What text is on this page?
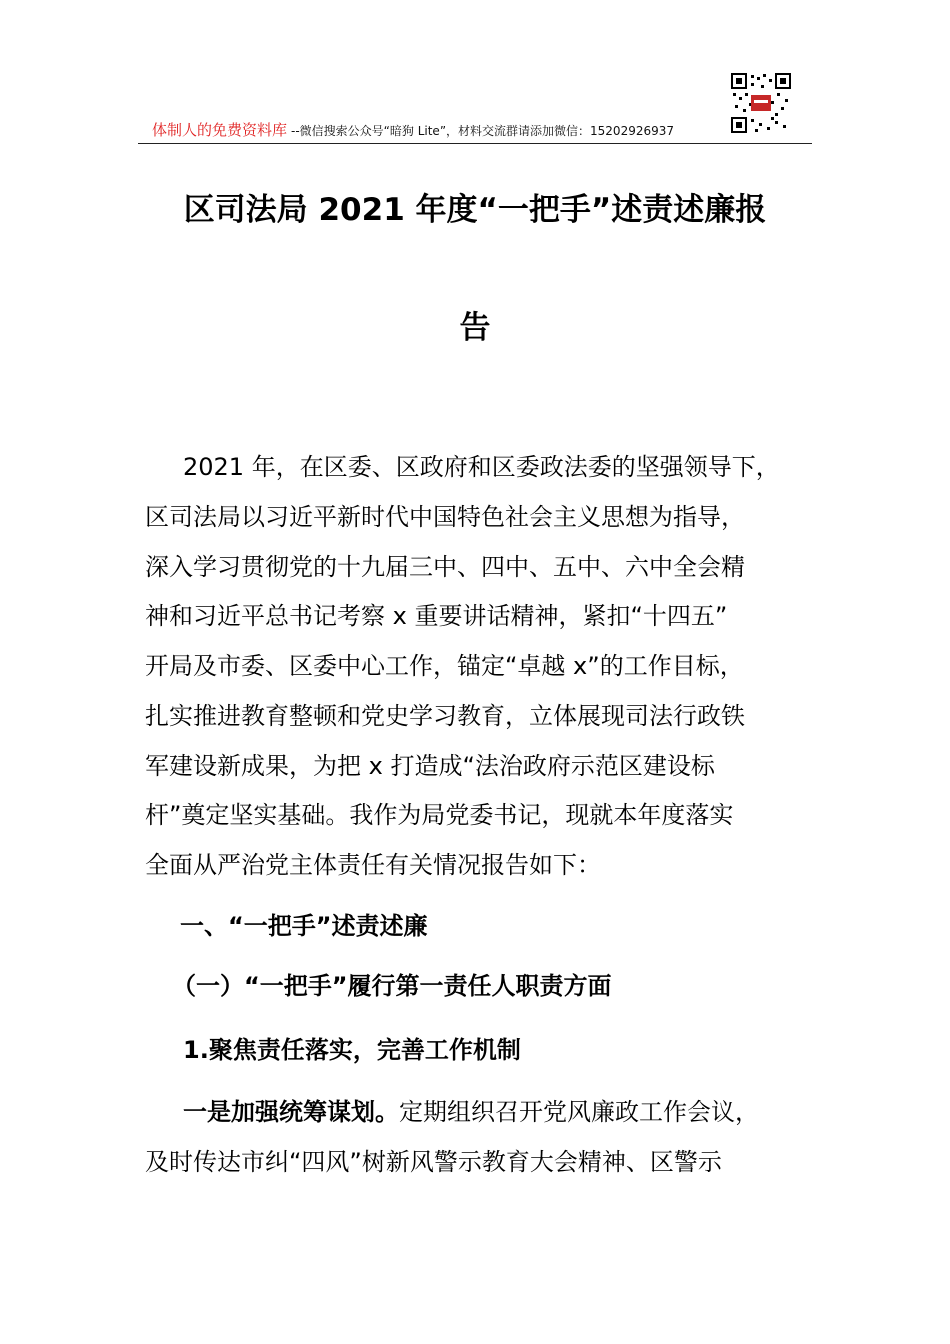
体制人的免费资料库 --微信搜索公众号“暗狗 Lite”，材料交流群请添加微信：15202926937
区司法局 2021 年度“一把手”述责述廉报
告
2021 年，在区委、区政府和区委政法委的坚强领导下，
区司法局以习近平新时代中国特色社会主义思想为指导，
深入学习贯彻党的十九届三中、四中、五中、六中全会精
神和习近平总书记考察 x 重要讲话精神，紧扣“十四五”
开局及市委、区委中心工作，锚定“卓越 x”的工作目标，
扎实推进教育整顿和党史学习教育，立体展现司法行政铁
军建设新成果，为把 x 打造成“法治政府示范区建设标
杆”奠定坚实基础。我作为局党委书记，现就本年度落实
全面从严治党主体责任有关情况报告如下：
一、“一把手”述责述廉
（一）“一把手”履行第一责任人职责方面
1.聚焦责任落实，完善工作机制
一是加强统筹谋划。定期组织召开党风廉政工作会议，
及时传达市纠“四风”树新风警示教育大会精神、区警示
